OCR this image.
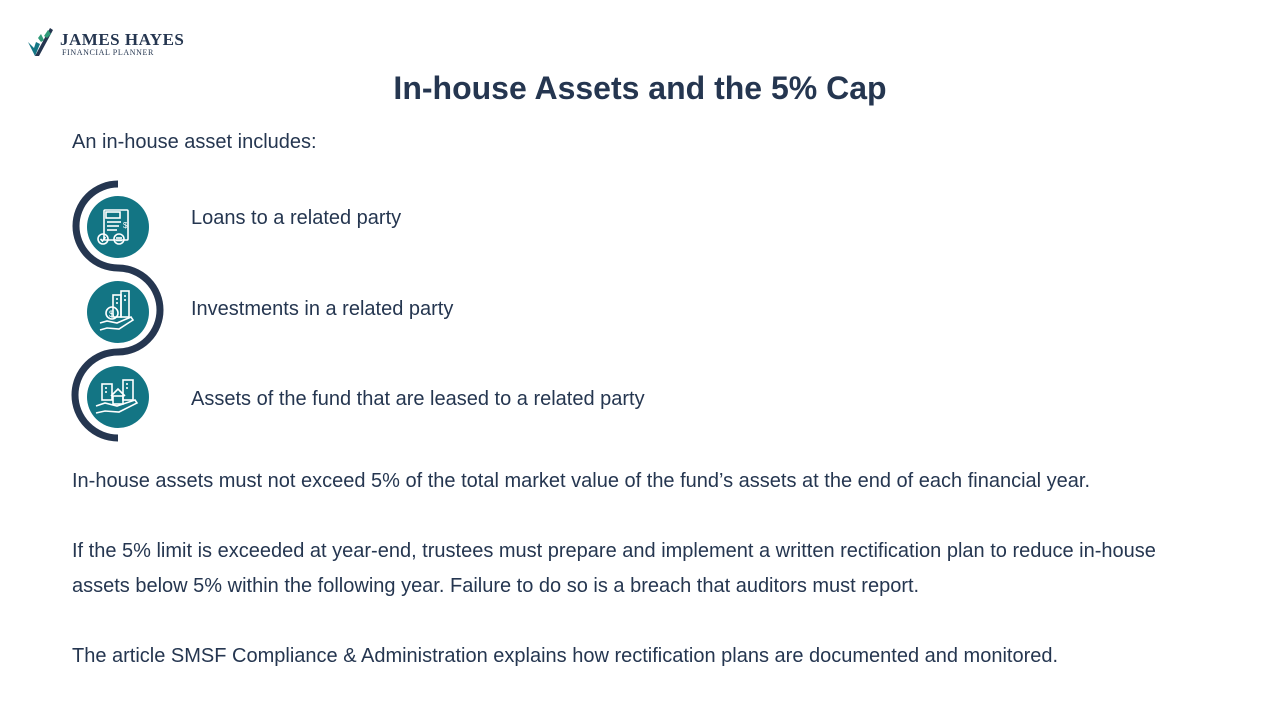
JAMES HAYES
FINANCIAL PLANNER
In-house Assets and the 5% Cap
An in-house asset includes:
$	Loans to a related party
$	Investments in a related party
Assets of the fund that are leased to a related party
In-house assets must not exceed 5% of the total market value of the fund’s assets at the end of each financial year.
If the 5% limit is exceeded at year-end, trustees must prepare and implement a written rectification plan to reduce in-house assets below 5% within the following year. Failure to do so is a breach that auditors must report.
The article SMSF Compliance & Administration explains how rectification plans are documented and monitored.
